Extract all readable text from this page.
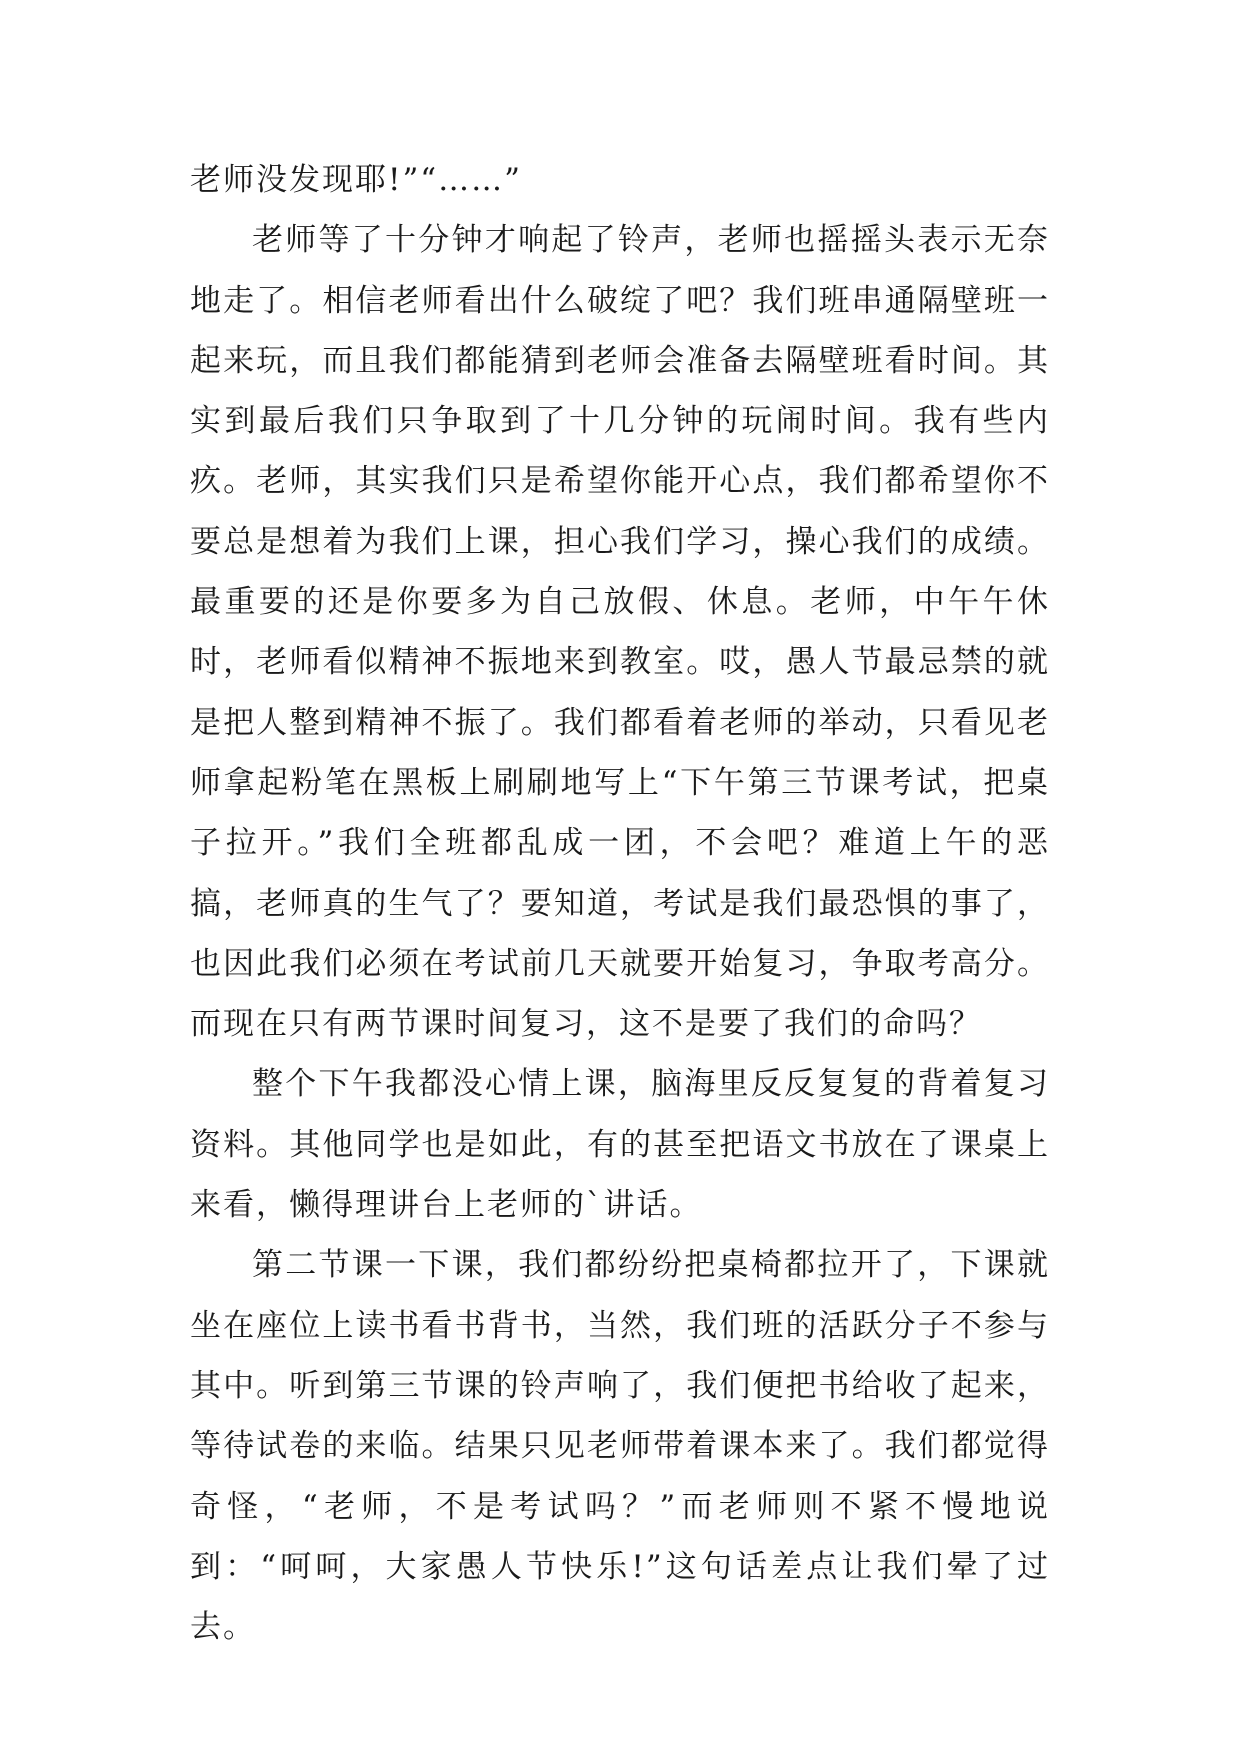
老师没发现耶!”“……”

老师等了十分钟才响起了铃声，老师也摇摇头表示无奈地走了。相信老师看出什么破绽了吧？我们班串通隔壁班一起来玩，而且我们都能猜到老师会准备去隔壁班看时间。其实到最后我们只争取到了十几分钟的玩闹时间。我有些内疚。老师，其实我们只是希望你能开心点，我们都希望你不要总是想着为我们上课，担心我们学习，操心我们的成绩。最重要的还是你要多为自己放假、休息。老师，中午午休时，老师看似精神不振地来到教室。哎，愚人节最忌禁的就是把人整到精神不振了。我们都看着老师的举动，只看见老师拿起粉笔在黑板上刷刷地写上“下午第三节课考试，把桌子拉开。”我们全班都乱成一团，不会吧？难道上午的恶搞，老师真的生气了？要知道，考试是我们最恐惧的事了，也因此我们必须在考试前几天就要开始复习，争取考高分。而现在只有两节课时间复习，这不是要了我们的命吗？

整个下午我都没心情上课，脑海里反反复复的背着复习资料。其他同学也是如此，有的甚至把语文书放在了课桌上来看，懒得理讲台上老师的`讲话。

第二节课一下课，我们都纷纷把桌椅都拉开了，下课就坐在座位上读书看书背书，当然，我们班的活跃分子不参与其中。听到第三节课的铃声响了，我们便把书给收了起来，等待试卷的来临。结果只见老师带着课本来了。我们都觉得奇怪，“老师，不是考试吗？”而老师则不紧不慢地说到：“呵呵，大家愚人节快乐!”这句话差点让我们晕了过去。
